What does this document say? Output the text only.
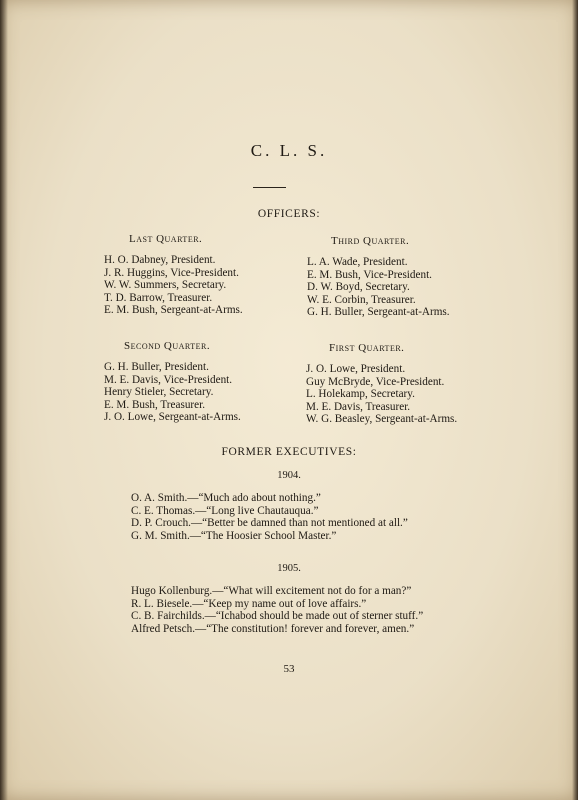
C. L. S.
OFFICERS:
Last Quarter.
H. O. Dabney, President.
J. R. Huggins, Vice-President.
W. W. Summers, Secretary.
T. D. Barrow, Treasurer.
E. M. Bush, Sergeant-at-Arms.
Third Quarter.
L. A. Wade, President.
E. M. Bush, Vice-President.
D. W. Boyd, Secretary.
W. E. Corbin, Treasurer.
G. H. Buller, Sergeant-at-Arms.
Second Quarter.
G. H. Buller, President.
M. E. Davis, Vice-President.
Henry Stieler, Secretary.
E. M. Bush, Treasurer.
J. O. Lowe, Sergeant-at-Arms.
First Quarter.
J. O. Lowe, President.
Guy McBryde, Vice-President.
L. Holekamp, Secretary.
M. E. Davis, Treasurer.
W. G. Beasley, Sergeant-at-Arms.
FORMER EXECUTIVES:
1904.
O. A. Smith.—“Much ado about nothing.”
C. E. Thomas.—“Long live Chautauqua.”
D. P. Crouch.—“Better be damned than not mentioned at all.”
G. M. Smith.—“The Hoosier School Master.”
1905.
Hugo Kollenburg.—“What will excitement not do for a man?”
R. L. Biesele.—“Keep my name out of love affairs.”
C. B. Fairchilds.—“Ichabod should be made out of sterner stuff.”
Alfred Petsch.—“The constitution! forever and forever, amen.”
53
